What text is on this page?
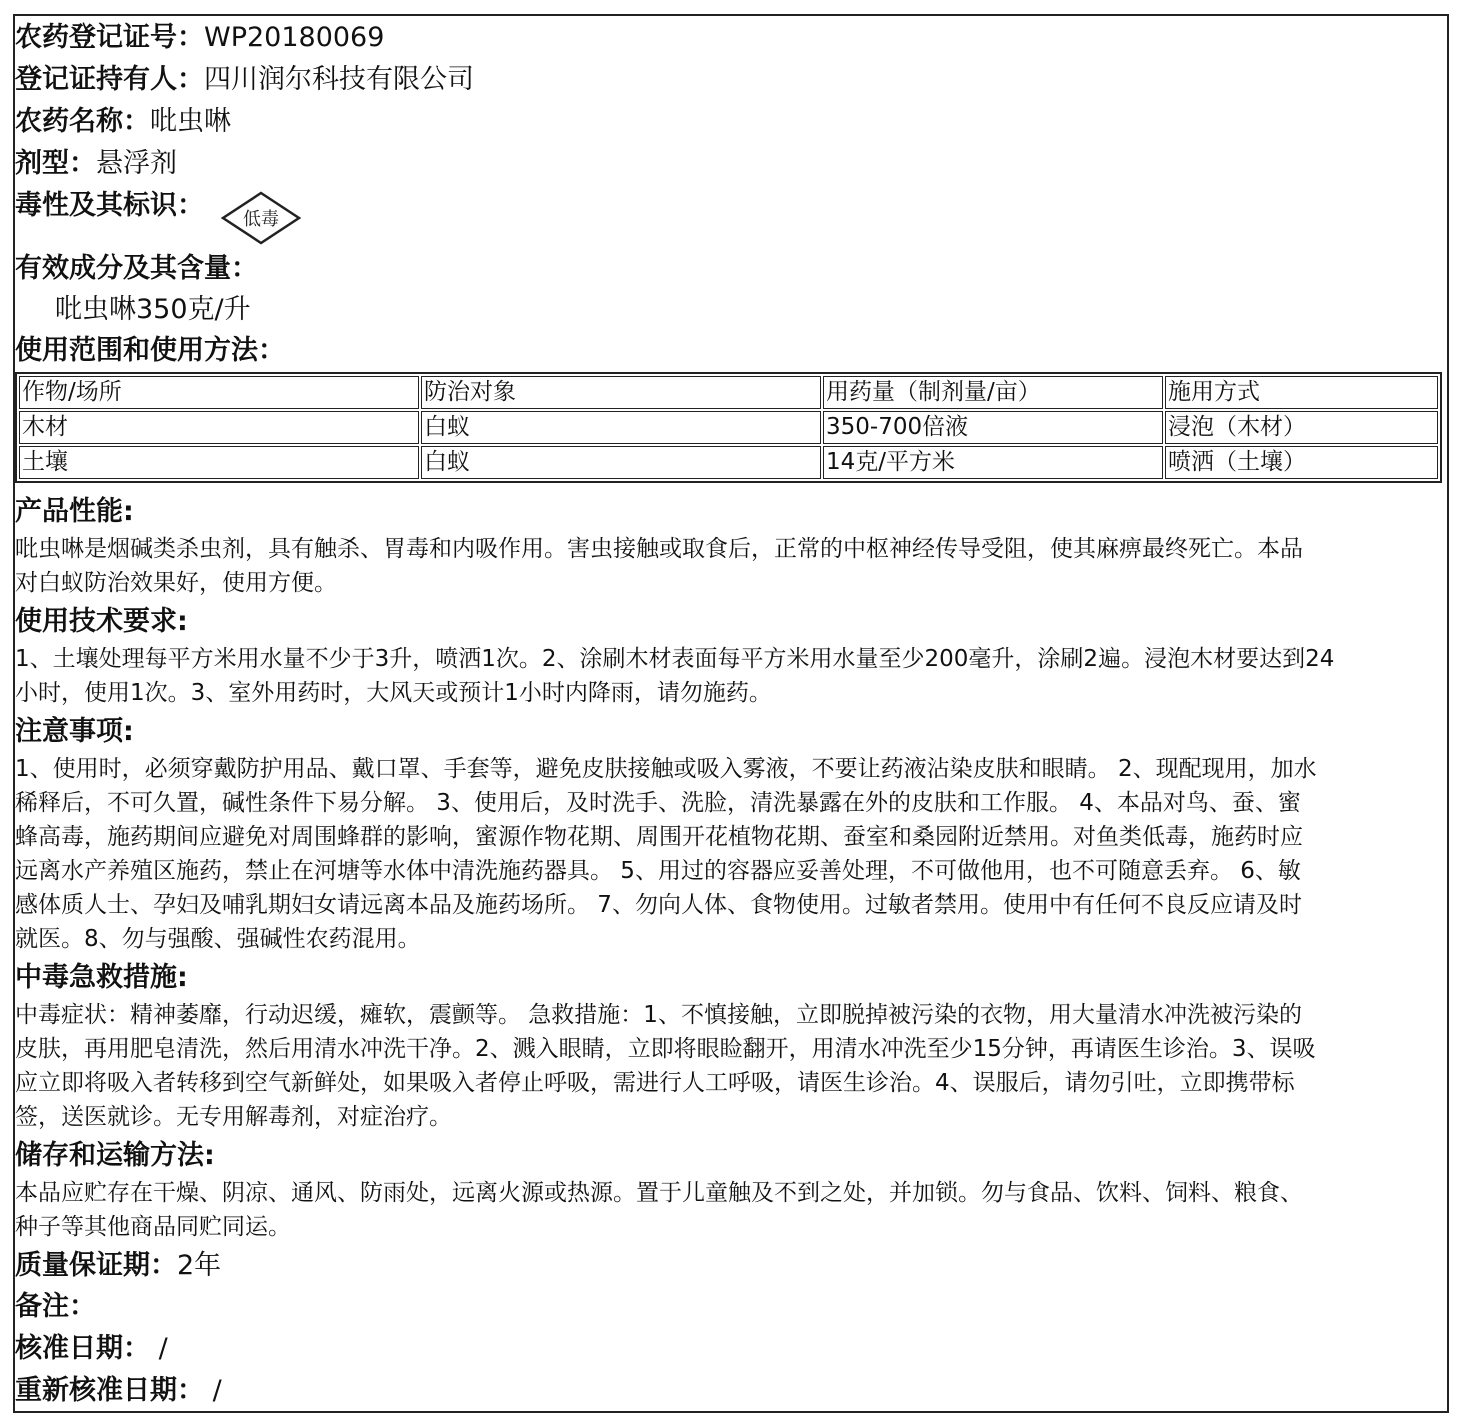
农药登记证号：WP20180069
登记证持有人：四川润尔科技有限公司
农药名称：吡虫啉
剂型：悬浮剂
毒性及其标识： 低毒
有效成分及其含量：
吡虫啉350克/升
使用范围和使用方法：
作物/场所	防治对象	用药量（制剂量/亩）	施用方式
木材	白蚁	350-700倍液	浸泡（木材）
土壤	白蚁	14克/平方米	喷洒（土壤）
产品性能:
吡虫啉是烟碱类杀虫剂，具有触杀、胃毒和内吸作用。害虫接触或取食后，正常的中枢神经传导受阻，使其麻痹最终死亡。本品
对白蚁防治效果好，使用方便。
使用技术要求:
1、土壤处理每平方米用水量不少于3升，喷洒1次。2、涂刷木材表面每平方米用水量至少200毫升，涂刷2遍。浸泡木材要达到24
小时，使用1次。3、室外用药时，大风天或预计1小时内降雨，请勿施药。
注意事项:
1、使用时，必须穿戴防护用品、戴口罩、手套等，避免皮肤接触或吸入雾液，不要让药液沾染皮肤和眼睛。 2、现配现用，加水
稀释后，不可久置，碱性条件下易分解。 3、使用后，及时洗手、洗脸，清洗暴露在外的皮肤和工作服。 4、本品对鸟、蚕、蜜
蜂高毒，施药期间应避免对周围蜂群的影响，蜜源作物花期、周围开花植物花期、蚕室和桑园附近禁用。对鱼类低毒，施药时应
远离水产养殖区施药，禁止在河塘等水体中清洗施药器具。 5、用过的容器应妥善处理，不可做他用，也不可随意丢弃。 6、敏
感体质人士、孕妇及哺乳期妇女请远离本品及施药场所。 7、勿向人体、食物使用。过敏者禁用。使用中有任何不良反应请及时
就医。8、勿与强酸、强碱性农药混用。
中毒急救措施:
中毒症状：精神萎靡，行动迟缓，瘫软，震颤等。 急救措施：1、不慎接触，立即脱掉被污染的衣物，用大量清水冲洗被污染的
皮肤，再用肥皂清洗，然后用清水冲洗干净。2、溅入眼睛，立即将眼睑翻开，用清水冲洗至少15分钟，再请医生诊治。3、误吸
应立即将吸入者转移到空气新鲜处，如果吸入者停止呼吸，需进行人工呼吸，请医生诊治。4、误服后，请勿引吐，立即携带标
签，送医就诊。无专用解毒剂，对症治疗。
储存和运输方法:
本品应贮存在干燥、阴凉、通风、防雨处，远离火源或热源。置于儿童触及不到之处，并加锁。勿与食品、饮料、饲料、粮食、
种子等其他商品同贮同运。
质量保证期：2年
备注：
核准日期： /
重新核准日期： /
